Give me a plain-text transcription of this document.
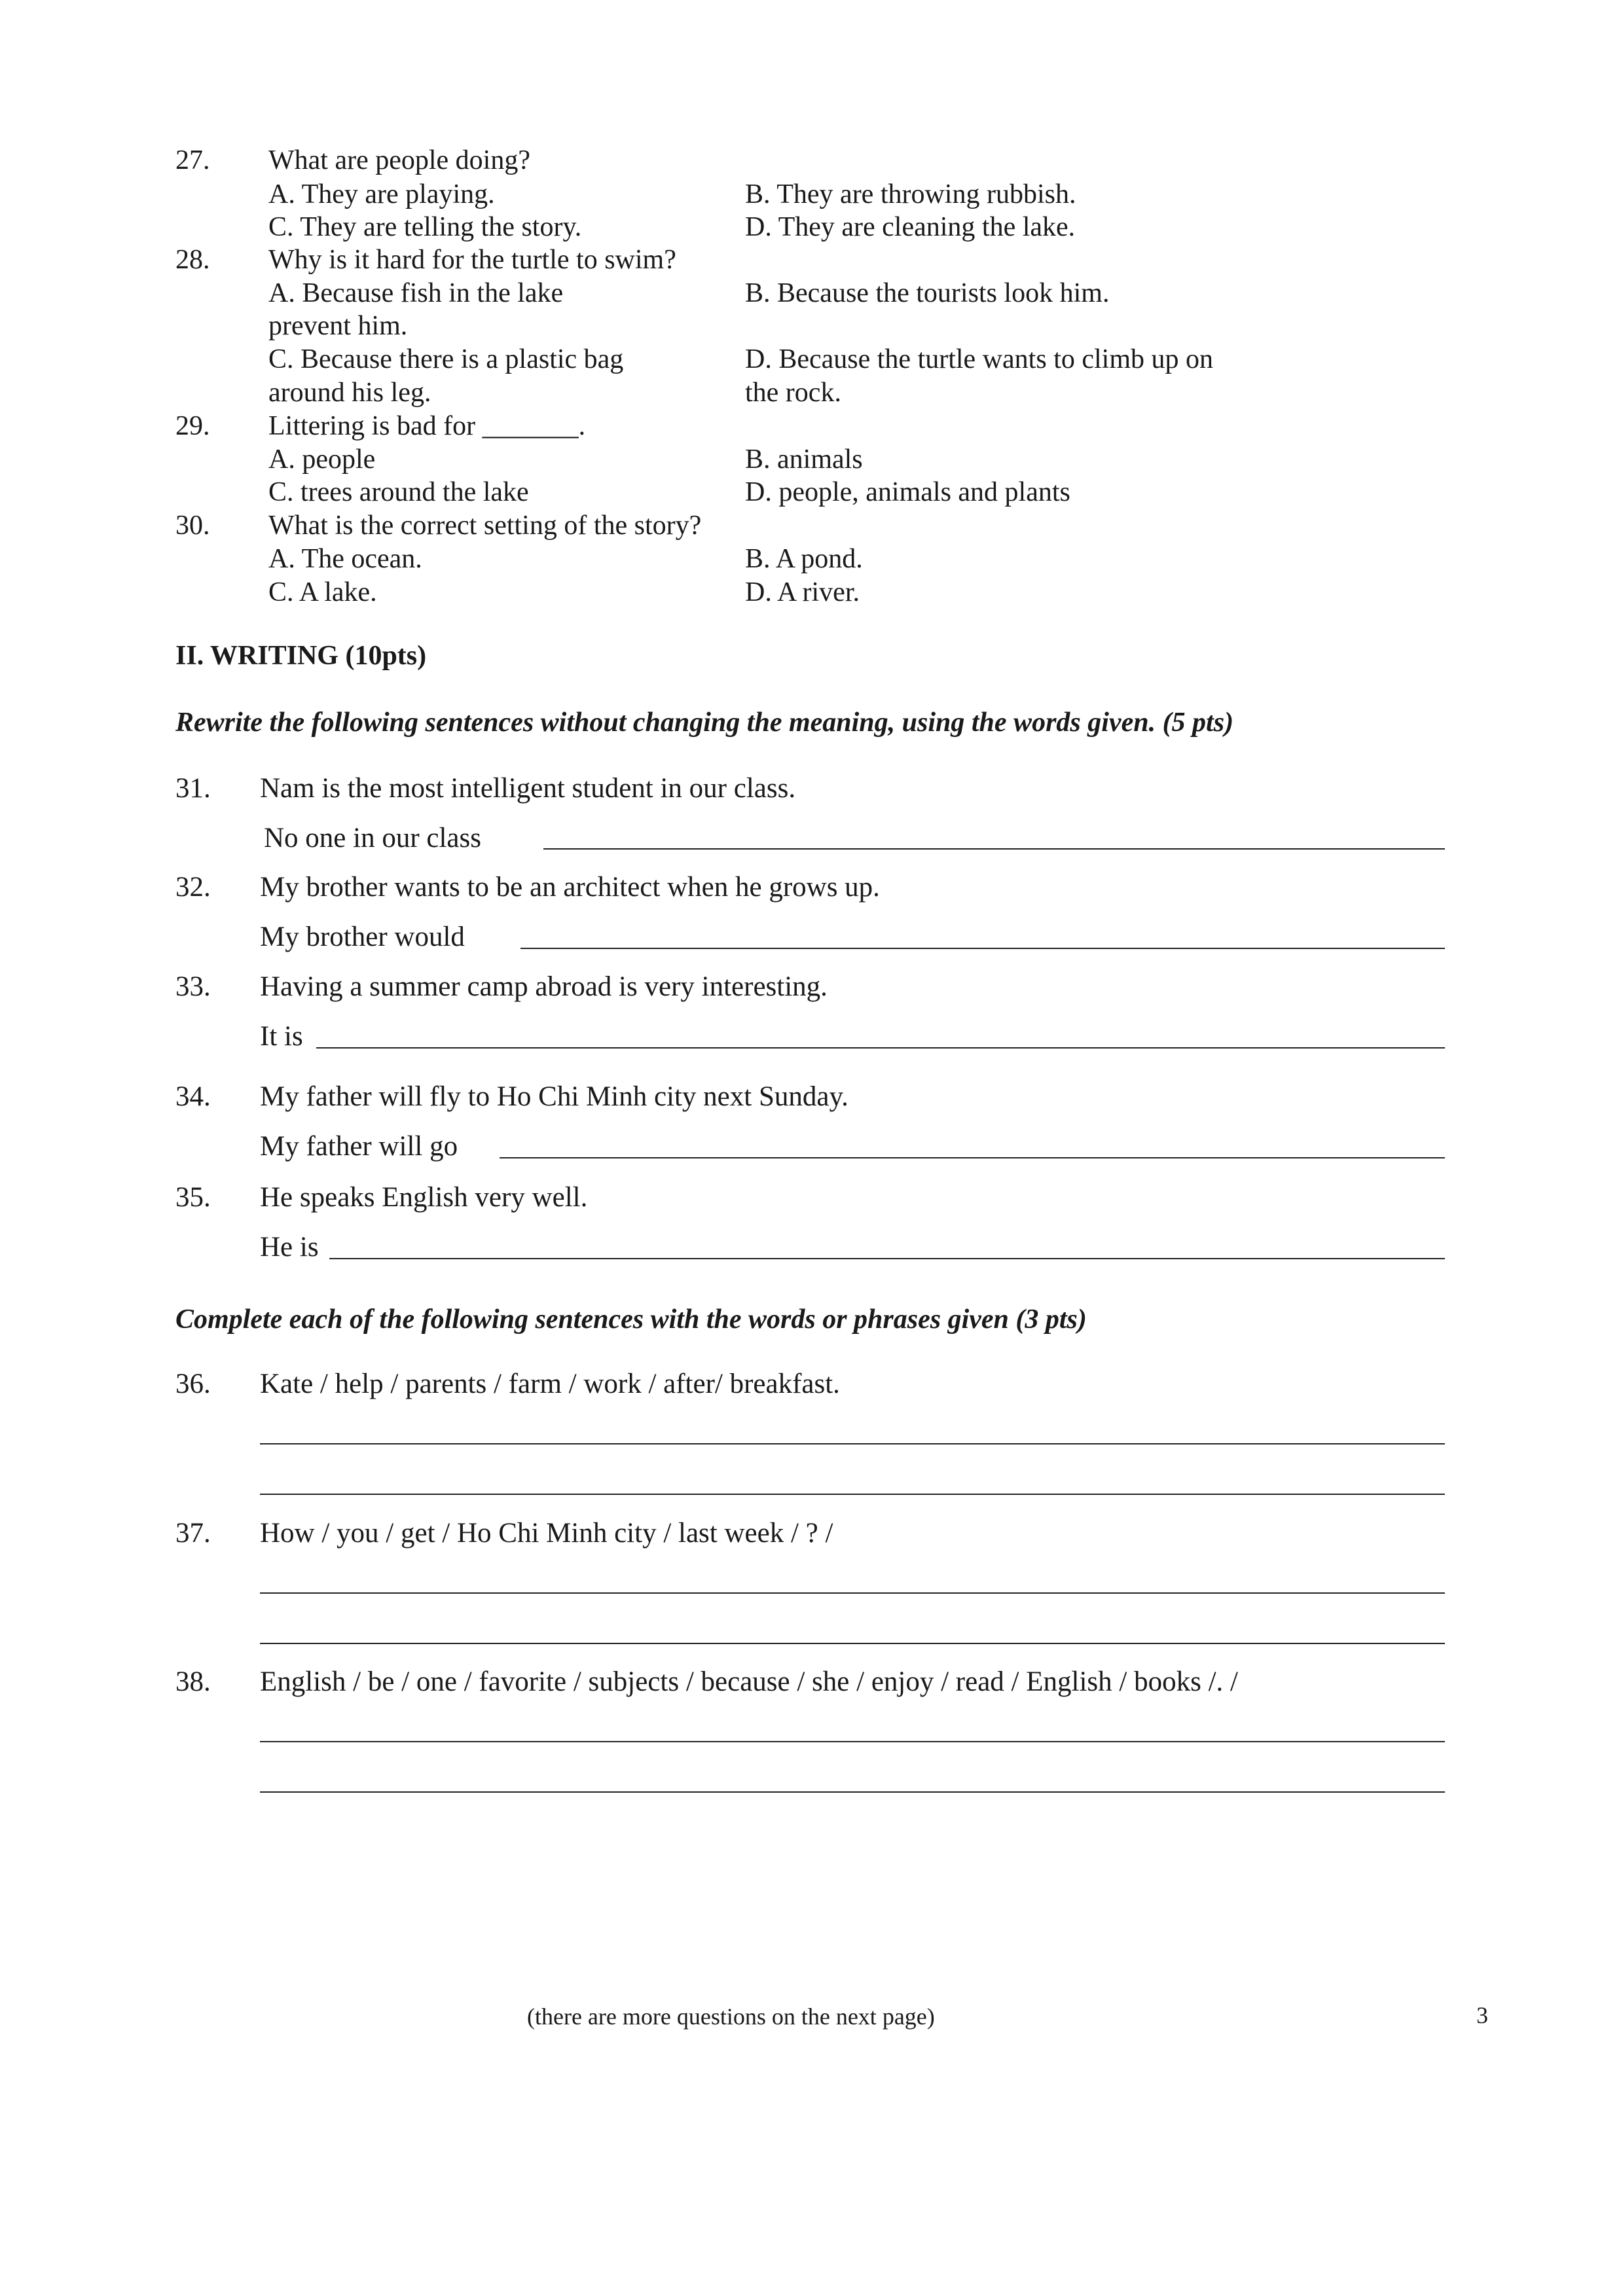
27. What are people doing?
A. They are playing.	B. They are throwing rubbish.
C. They are telling the story.	D. They are cleaning the lake.
28. Why is it hard for the turtle to swim?
A. Because fish in the lake	B. Because the tourists look him.
prevent him.
C. Because there is a plastic bag	D. Because the turtle wants to climb up on
around his leg.	the rock.
29. Littering is bad for _______.
A. people	B. animals
C. trees around the lake	D. people, animals and plants
30. What is the correct setting of the story?
A. The ocean.	B. A pond.
C. A lake.	D. A river.
II. WRITING (10pts)
Rewrite the following sentences without changing the meaning, using the words given. (5 pts)
31. Nam is the most intelligent student in our class.
No one in our class
32. My brother wants to be an architect when he grows up.
My brother would
33. Having a summer camp abroad is very interesting.
It is
34. My father will fly to Ho Chi Minh city next Sunday.
My father will go
35. He speaks English very well.
He is
Complete each of the following sentences with the words or phrases given (3 pts)
36. Kate / help / parents / farm / work / after/ breakfast.
37. How / you / get / Ho Chi Minh city / last week / ? /
38. English / be / one / favorite / subjects / because / she / enjoy / read / English / books /. /
(there are more questions on the next page)	3
